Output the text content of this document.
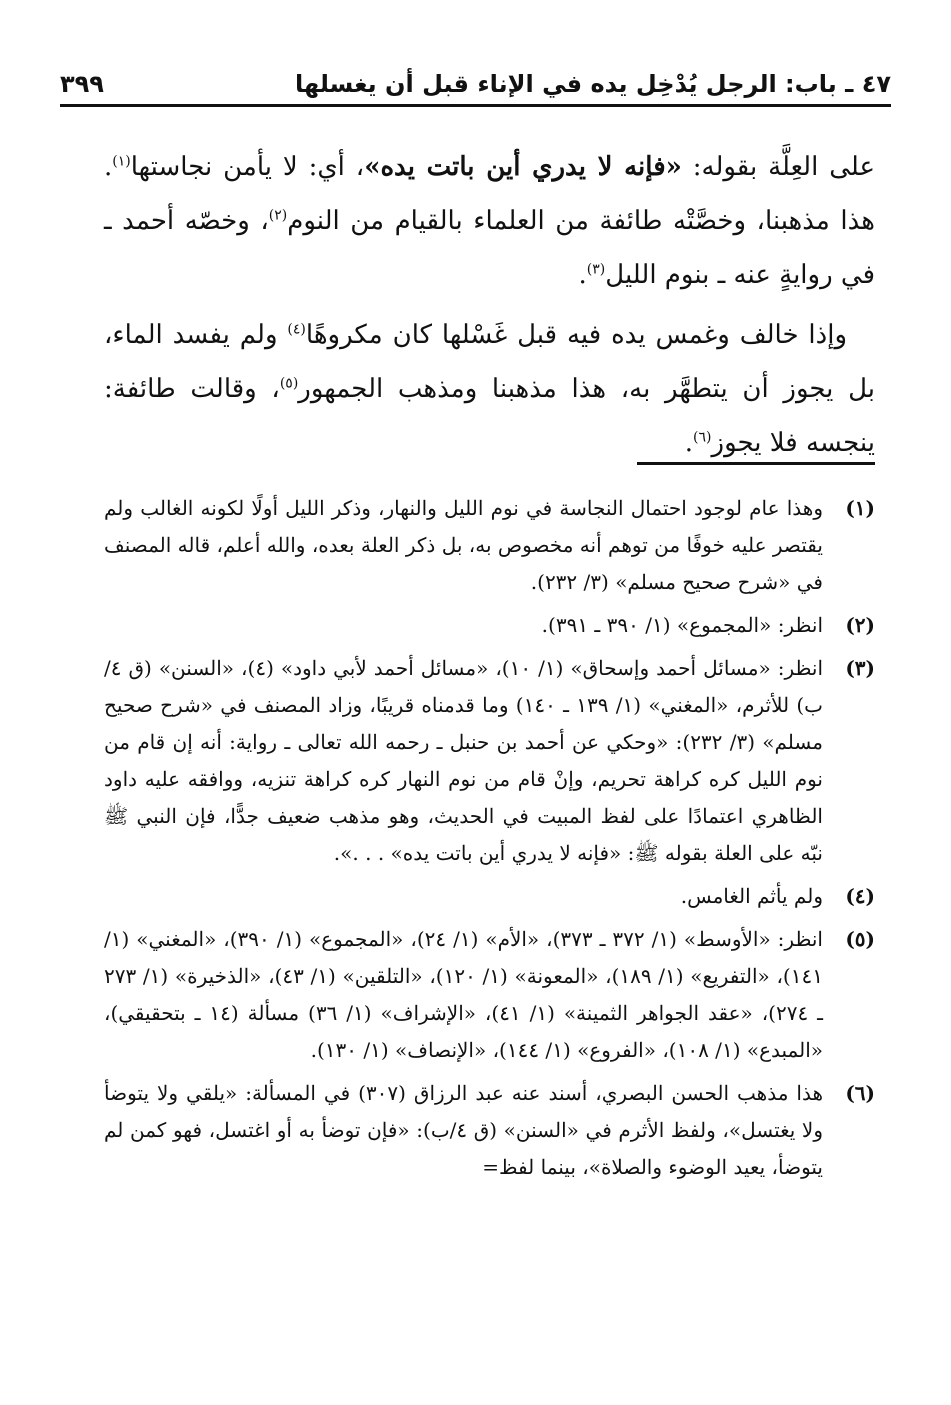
٤٧ ـ باب: الرجل يُدْخِل يده في الإناء قبل أن يغسلها
٣٩٩

على العِلَّة بقوله: «فإنه لا يدري أين باتت يده»، أي: لا يأمن نجاستها$^{(١)}$. هذا مذهبنا، وخصَّتْه طائفة من العلماء بالقيام من النوم$^{(٢)}$، وخصّه أحمد ـ في روايةٍ عنه ـ بنوم الليل$^{(٣)}$.

وإذا خالف وغمس يده فيه قبل غَسْلها كان مكروهًا$^{(٤)}$ ولم يفسد الماء، بل يجوز أن يتطهَّر به، هذا مذهبنا ومذهب الجمهور$^{(٥)}$، وقالت طائفة: ينجسه فلا يجوز$^{(٦)}$.

(١)
وهذا عام لوجود احتمال النجاسة في نوم الليل والنهار، وذكر الليل أولًا لكونه الغالب ولم يقتصر عليه خوفًا من توهم أنه مخصوص به، بل ذكر العلة بعده، والله أعلم، قاله المصنف في «شرح صحيح مسلم» (٣/ ٢٣٢).
(٢)
انظر: «المجموع» (١/ ٣٩٠ ـ ٣٩١).
(٣)
انظر: «مسائل أحمد وإسحاق» (١/ ١٠)، «مسائل أحمد لأبي داود» (٤)، «السنن» (ق ٤/ب) للأثرم، «المغني» (١/ ١٣٩ ـ ١٤٠) وما قدمناه قريبًا، وزاد المصنف في «شرح صحيح مسلم» (٣/ ٢٣٢): «وحكي عن أحمد بن حنبل ـ رحمه الله تعالى ـ رواية: أنه إن قام من نوم الليل كره كراهة تحريم، وإنْ قام من نوم النهار كره كراهة تنزيه، ووافقه عليه داود الظاهري اعتمادًا على لفظ المبيت في الحديث، وهو مذهب ضعيف جدًّا، فإن النبي ﷺ نبّه على العلة بقوله ﷺ: «فإنه لا يدري أين باتت يده» . . .».
(٤)
ولم يأثم الغامس.
(٥)
انظر: «الأوسط» (١/ ٣٧٢ ـ ٣٧٣)، «الأم» (١/ ٢٤)، «المجموع» (١/ ٣٩٠)، «المغني» (١/ ١٤١)، «التفريع» (١/ ١٨٩)، «المعونة» (١/ ١٢٠)، «التلقين» (١/ ٤٣)، «الذخيرة» (١/ ٢٧٣ ـ ٢٧٤)، «عقد الجواهر الثمينة» (١/ ٤١)، «الإشراف» (١/ ٣٦) مسألة (١٤ ـ بتحقيقي)، «المبدع» (١/ ١٠٨)، «الفروع» (١/ ١٤٤)، «الإنصاف» (١/ ١٣٠).
(٦)
هذا مذهب الحسن البصري، أسند عنه عبد الرزاق (٣٠٧) في المسألة: «يلقي ولا يتوضأ ولا يغتسل»، ولفظ الأثرم في «السنن» (ق ٤/ب): «فإن توضأ به أو اغتسل، فهو كمن لم يتوضأ، يعيد الوضوء والصلاة»، بينما لفظ=
